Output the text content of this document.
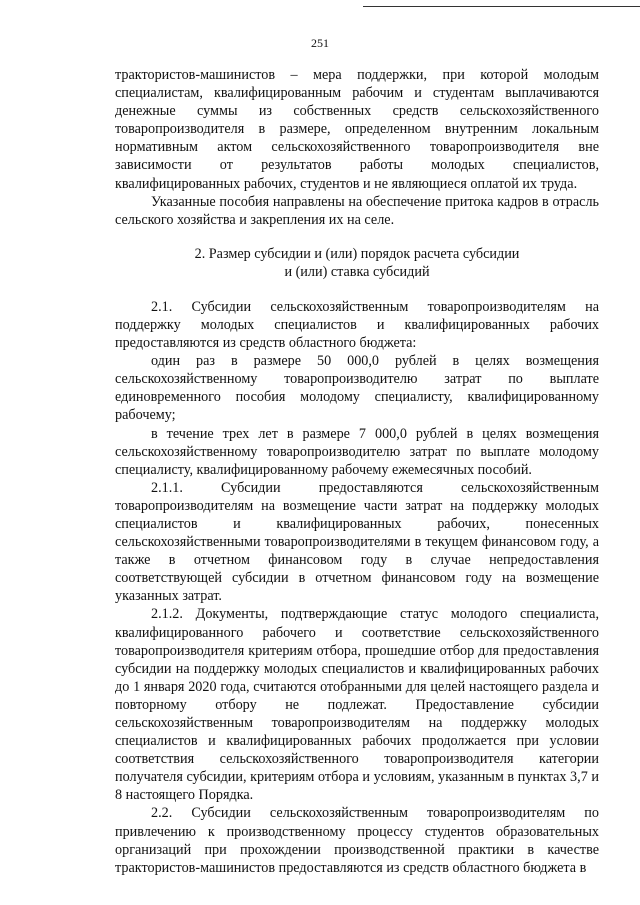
251

трактористов-машинистов – мера поддержки, при которой молодым специалистам, квалифицированным рабочим и студентам выплачиваются денежные суммы из собственных средств сельскохозяйственного товаропроизводителя в размере, определенном внутренним локальным нормативным актом сельскохозяйственного товаропроизводителя вне зависимости от результатов работы молодых специалистов, квалифицированных рабочих, студентов и не являющиеся оплатой их труда.

Указанные пособия направлены на обеспечение притока кадров в отрасль сельского хозяйства и закрепления их на селе.

2. Размер субсидии и (или) порядок расчета субсидии
и (или) ставка субсидий

2.1. Субсидии сельскохозяйственным товаропроизводителям на поддержку молодых специалистов и квалифицированных рабочих предоставляются из средств областного бюджета:

один раз в размере 50 000,0 рублей в целях возмещения сельскохозяйственному товаропроизводителю затрат по выплате единовременного пособия молодому специалисту, квалифицированному рабочему;

в течение трех лет в размере 7 000,0 рублей в целях возмещения сельскохозяйственному товаропроизводителю затрат по выплате молодому специалисту, квалифицированному рабочему ежемесячных пособий.

2.1.1. Субсидии предоставляются сельскохозяйственным товаропроизводителям на возмещение части затрат на поддержку молодых специалистов и квалифицированных рабочих, понесенных сельскохозяйственными товаропроизводителями в текущем финансовом году, а также в отчетном финансовом году в случае непредоставления соответствующей субсидии в отчетном финансовом году на возмещение указанных затрат.

2.1.2. Документы, подтверждающие статус молодого специалиста, квалифицированного рабочего и соответствие сельскохозяйственного товаропроизводителя критериям отбора, прошедшие отбор для предоставления субсидии на поддержку молодых специалистов и квалифицированных рабочих до 1 января 2020 года, считаются отобранными для целей настоящего раздела и повторному отбору не подлежат. Предоставление субсидии сельскохозяйственным товаропроизводителям на поддержку молодых специалистов и квалифицированных рабочих продолжается при условии соответствия сельскохозяйственного товаропроизводителя категории получателя субсидии, критериям отбора и условиям, указанным в пунктах 3,7 и 8 настоящего Порядка.

2.2. Субсидии сельскохозяйственным товаропроизводителям по привлечению к производственному процессу студентов образовательных организаций при прохождении производственной практики в качестве трактористов-машинистов предоставляются из средств областного бюджета в
